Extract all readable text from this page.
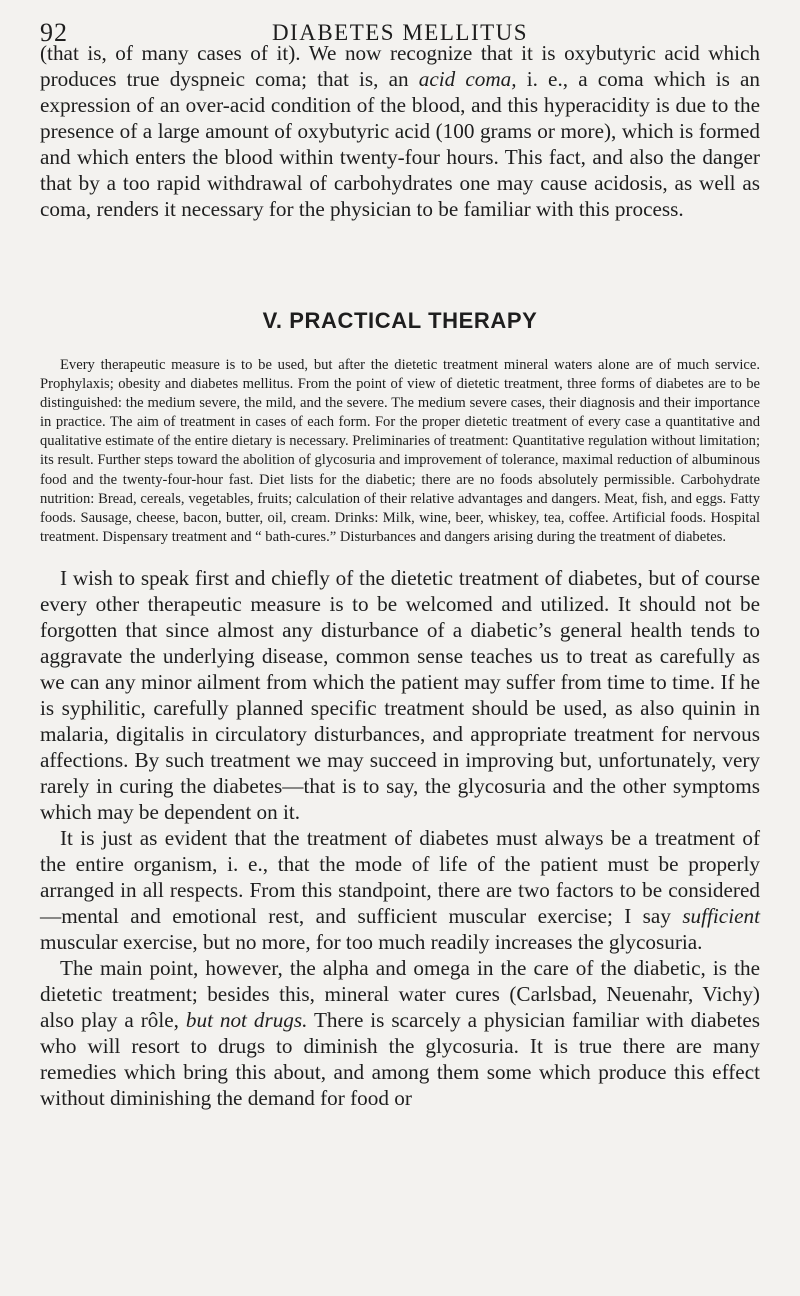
92	DIABETES MELLITUS
(that is, of many cases of it). We now recognize that it is oxybutyric acid which produces true dyspneic coma; that is, an acid coma, i. e., a coma which is an expression of an over-acid condition of the blood, and this hyperacidity is due to the presence of a large amount of oxybutyric acid (100 grams or more), which is formed and which enters the blood within twenty-four hours. This fact, and also the danger that by a too rapid withdrawal of carbohydrates one may cause acidosis, as well as coma, renders it necessary for the physician to be familiar with this process.
V. PRACTICAL THERAPY
Every therapeutic measure is to be used, but after the dietetic treatment mineral waters alone are of much service. Prophylaxis; obesity and diabetes mellitus. From the point of view of dietetic treatment, three forms of diabetes are to be distinguished: the medium severe, the mild, and the severe. The medium severe cases, their diagnosis and their importance in practice. The aim of treatment in cases of each form. For the proper dietetic treatment of every case a quantitative and qualitative estimate of the entire dietary is necessary. Preliminaries of treatment: Quantitative regulation without limitation; its result. Further steps toward the abolition of glycosuria and improvement of tolerance, maximal reduction of albuminous food and the twenty-four-hour fast. Diet lists for the diabetic; there are no foods absolutely permissible. Carbohydrate nutrition: Bread, cereals, vegetables, fruits; calculation of their relative advantages and dangers. Meat, fish, and eggs. Fatty foods. Sausage, cheese, bacon, butter, oil, cream. Drinks: Milk, wine, beer, whiskey, tea, coffee. Artificial foods. Hospital treatment. Dispensary treatment and “ bath-cures.” Disturbances and dangers arising during the treatment of diabetes.

I wish to speak first and chiefly of the dietetic treatment of diabetes, but of course every other therapeutic measure is to be welcomed and utilized. It should not be forgotten that since almost any disturbance of a diabetic’s general health tends to aggravate the underlying disease, common sense teaches us to treat as carefully as we can any minor ailment from which the patient may suffer from time to time. If he is syphilitic, carefully planned specific treatment should be used, as also quinin in malaria, digitalis in circulatory disturbances, and appropriate treatment for nervous affections. By such treatment we may succeed in improving but, unfortunately, very rarely in curing the diabetes—that is to say, the glycosuria and the other symptoms which may be dependent on it.

It is just as evident that the treatment of diabetes must always be a treatment of the entire organism, i. e., that the mode of life of the patient must be properly arranged in all respects. From this standpoint, there are two factors to be considered—mental and emotional rest, and sufficient muscular exercise; I say sufficient muscular exercise, but no more, for too much readily increases the glycosuria.

The main point, however, the alpha and omega in the care of the diabetic, is the dietetic treatment; besides this, mineral water cures (Carlsbad, Neuenahr, Vichy) also play a rôle, but not drugs. There is scarcely a physician familiar with diabetes who will resort to drugs to diminish the glycosuria. It is true there are many remedies which bring this about, and among them some which produce this effect without diminishing the demand for food or
